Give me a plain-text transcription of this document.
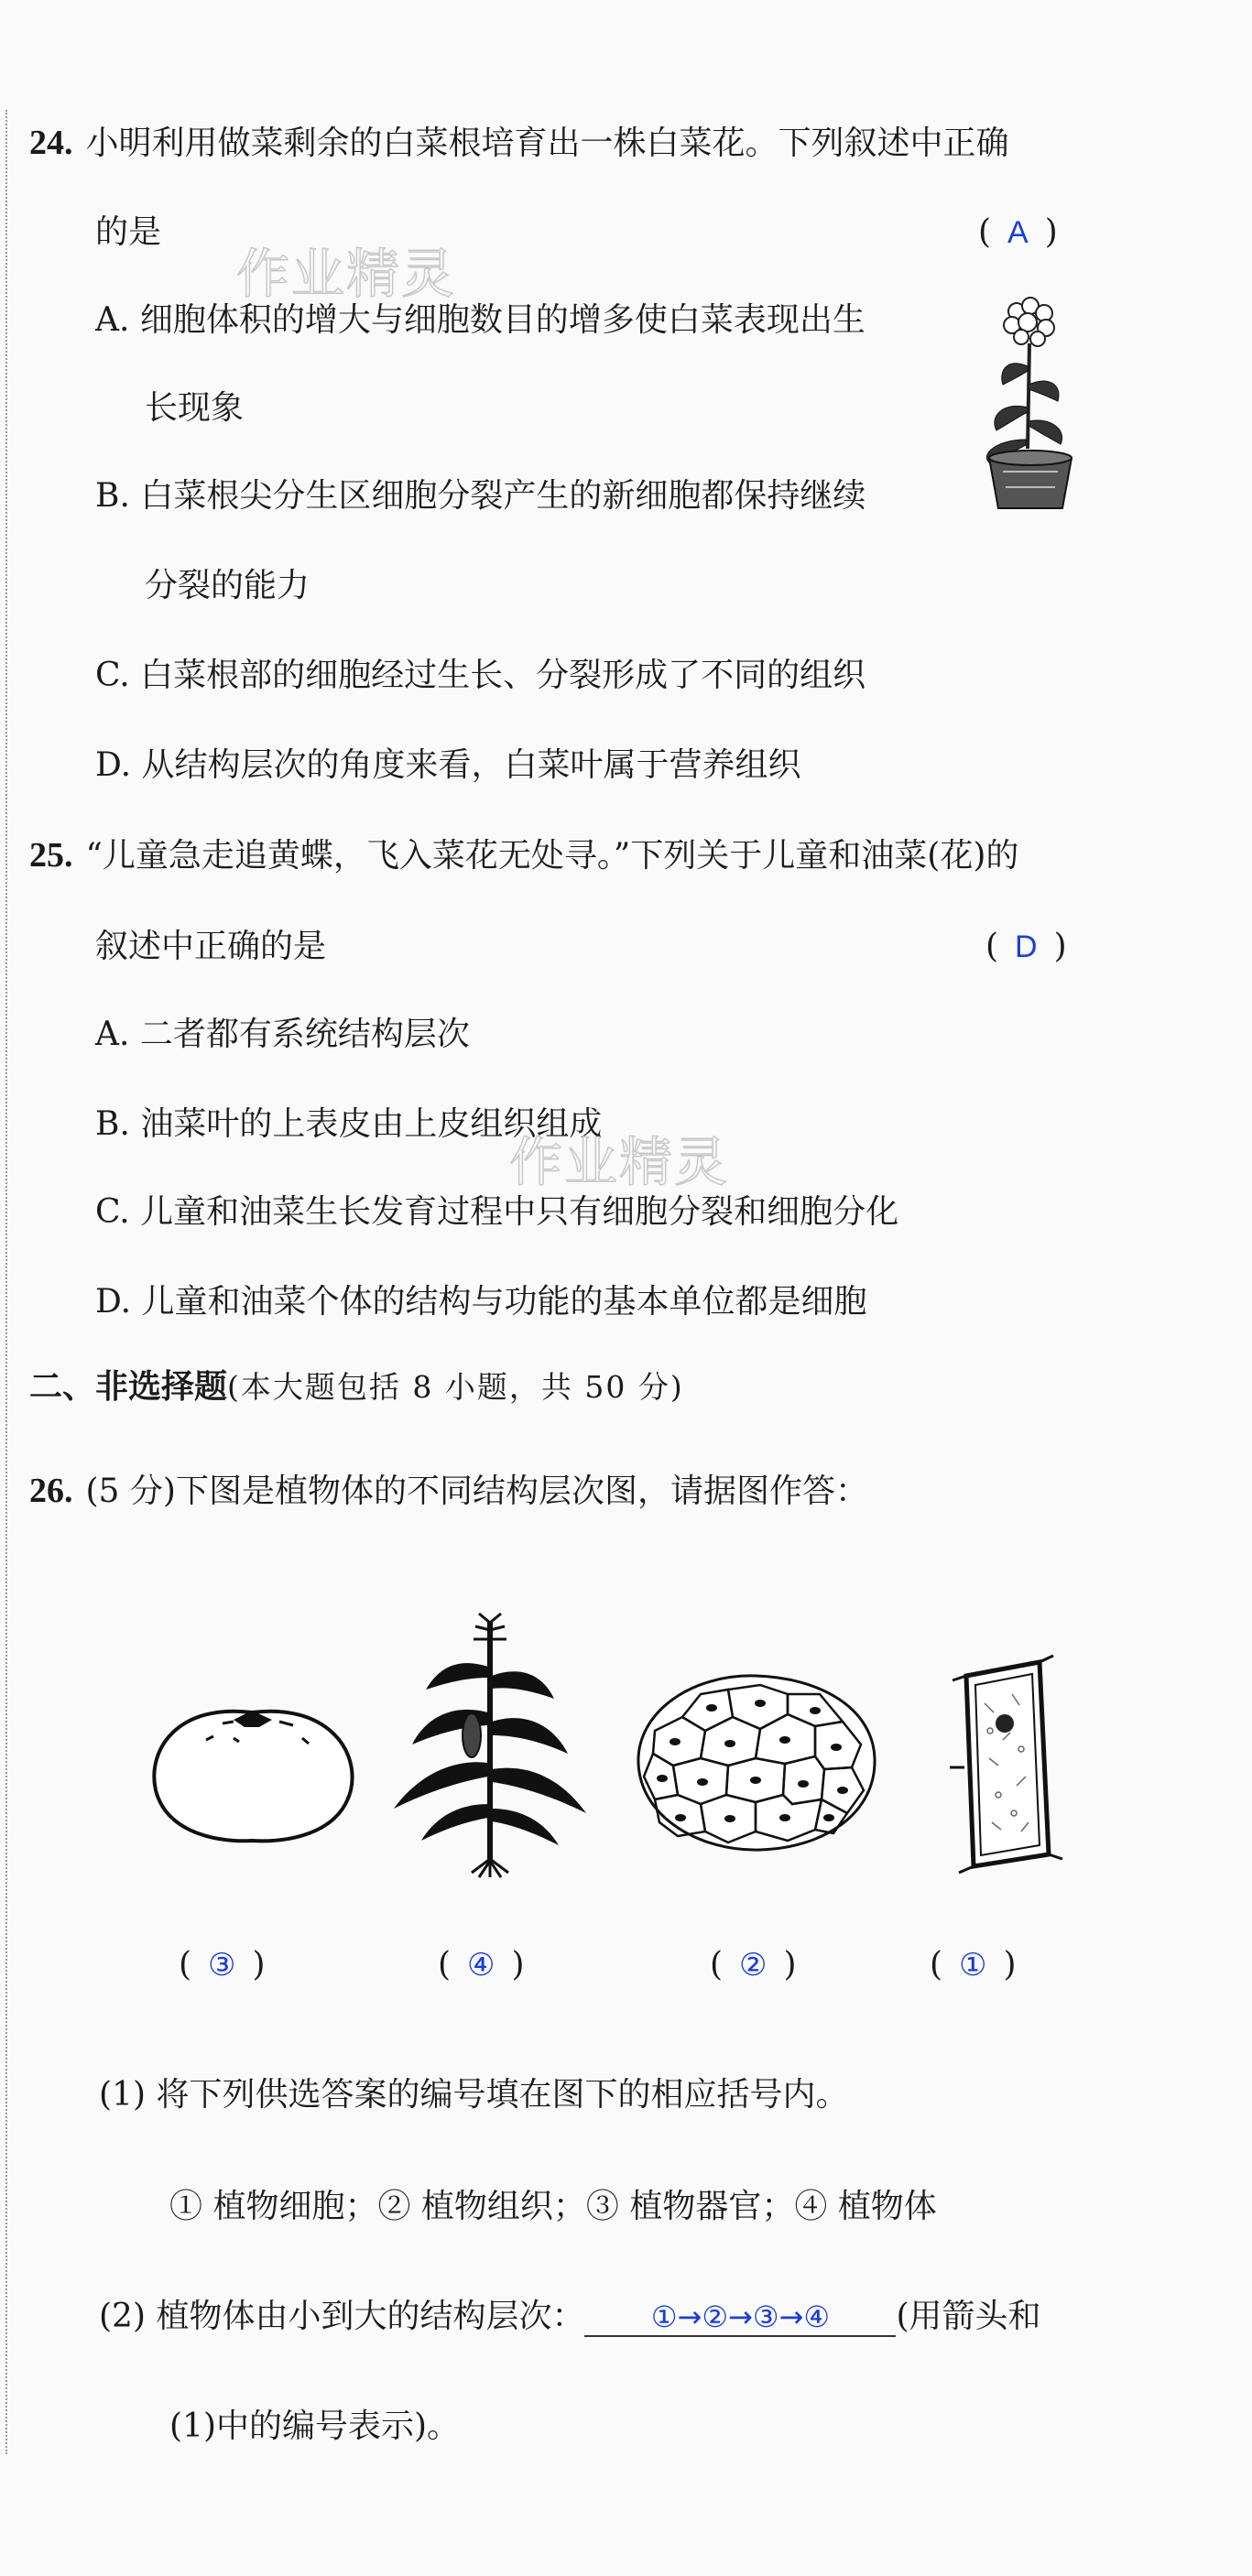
24. 小明利用做菜剩余的白菜根培育出一株白菜花。下列叙述中正确
的是	( A )
作业精灵
A. 细胞体积的增大与细胞数目的增多使白菜表现出生
长现象
B. 白菜根尖分生区细胞分裂产生的新细胞都保持继续
分裂的能力
C. 白菜根部的细胞经过生长、分裂形成了不同的组织
D. 从结构层次的角度来看，白菜叶属于营养组织
25. “儿童急走追黄蝶，飞入菜花无处寻。”下列关于儿童和油菜(花)的
叙述中正确的是	( D )
A. 二者都有系统结构层次
B. 油菜叶的上表皮由上皮组织组成
作业精灵
C. 儿童和油菜生长发育过程中只有细胞分裂和细胞分化
D. 儿童和油菜个体的结构与功能的基本单位都是细胞
二、非选择题(本大题包括 8 小题，共 50 分)
26. (5 分)下图是植物体的不同结构层次图，请据图作答：
( ③ )	( ④ )	( ② )	( ① )
(1) 将下列供选答案的编号填在图下的相应括号内。
① 植物细胞；② 植物组织；③ 植物器官；④ 植物体
(2) 植物体由小到大的结构层次： ①→②→③→④ (用箭头和
(1)中的编号表示)。
